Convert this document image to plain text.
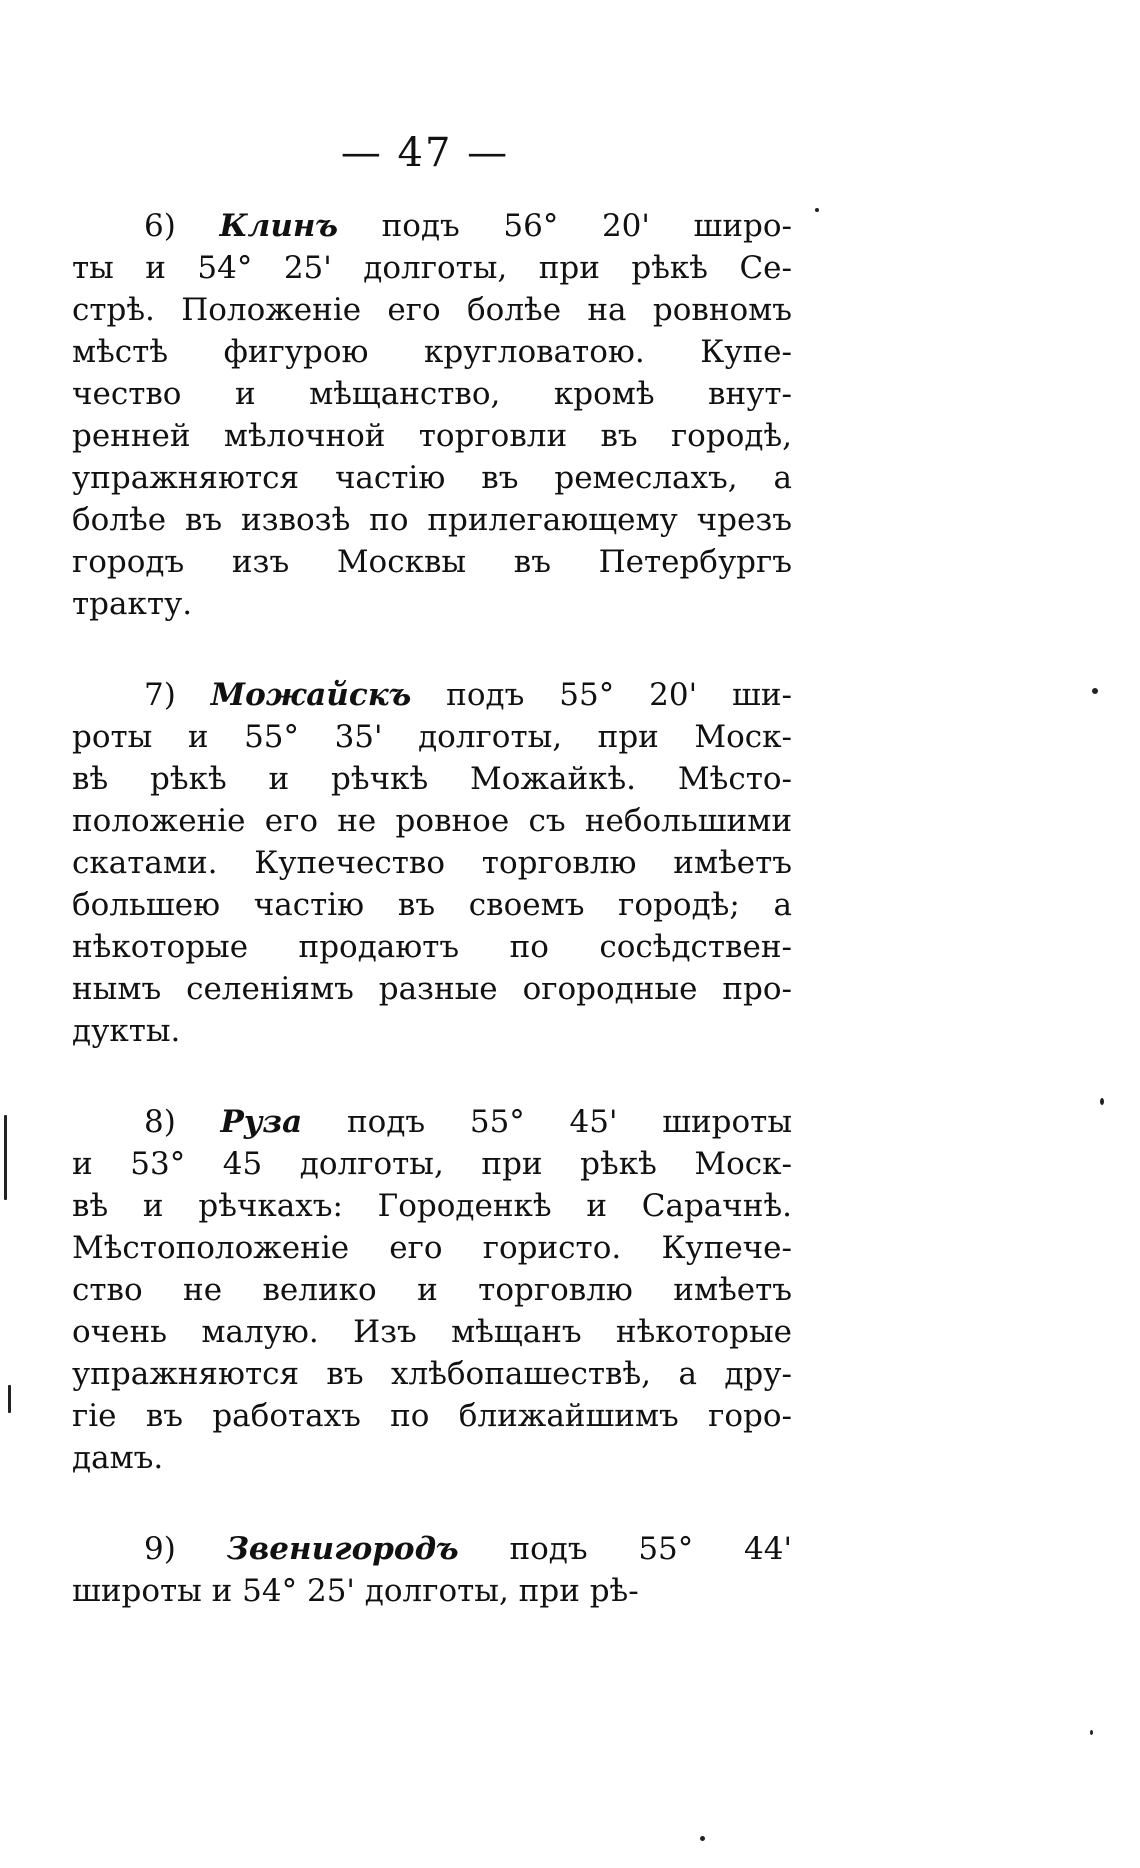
— 47 —
6) Клинъ подъ 56° 20' широ-
ты и 54° 25' долготы, при рѣкѣ Се-
стрѣ. Положеніе его болѣе на ровномъ
мѣстѣ фигурою кругловатою. Купе-
чество и мѣщанство, кромѣ внут-
ренней мѣлочной торговли въ городѣ,
упражняются частію въ ремеслахъ, а
болѣе въ извозѣ по прилегающему чрезъ
городъ изъ Москвы въ Петербургъ
тракту.
7) Можайскъ подъ 55° 20' ши-
роты и 55° 35' долготы, при Моск-
вѣ рѣкѣ и рѣчкѣ Можайкѣ. Мѣсто-
положеніе его не ровное съ небольшими
скатами. Купечество торговлю имѣетъ
большею частію въ своемъ городѣ; а
нѣкоторые продаютъ по сосѣдствен-
нымъ селеніямъ разные огородные про-
дукты.
8) Руза подъ 55° 45' широты
и 53° 45 долготы, при рѣкѣ Моск-
вѣ и рѣчкахъ: Городенкѣ и Сарачнѣ.
Мѣстоположеніе его гористо. Купече-
ство не велико и торговлю имѣетъ
очень малую. Изъ мѣщанъ нѣкоторые
упражняются въ хлѣбопашествѣ, а дру-
гіе въ работахъ по ближайшимъ горо-
дамъ.
9) Звенигородъ подъ 55° 44'
широты и 54° 25' долготы, при рѣ-
